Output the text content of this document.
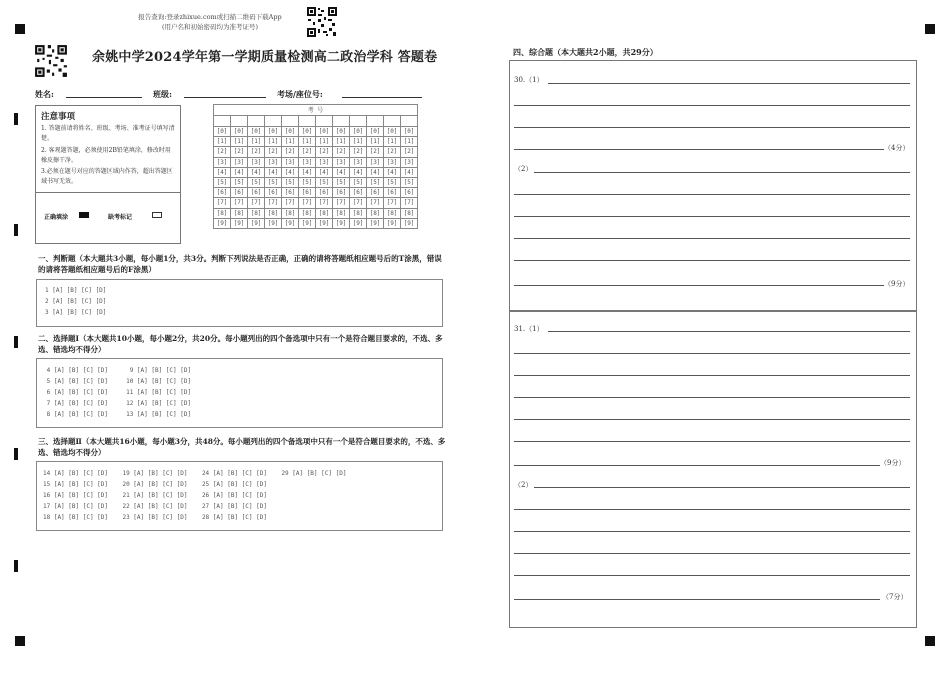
报告查询:登录zhixue.com或扫描二维码下载App
(用户名和初始密码均为准考证号)
余姚中学2024学年第一学期质量检测高二政治学科 答题卷
姓名:	班级:	考场/座位号:
注意事项
1. 答题前请将姓名、班级、考场、准考证号填写清楚。
2. 客观题答题，必须使用2B铅笔填涂，修改时用橡皮擦干净。
3.必须在题号对应的答题区域内作答，超出答题区域书写无效。
正确填涂	缺考标记
考 号											

[0]	[0]	[0]	[0]	[0]	[0]	[0]	[0]	[0]	[0]	[0]	[0]
[1]	[1]	[1]	[1]	[1]	[1]	[1]	[1]	[1]	[1]	[1]	[1]
[2]	[2]	[2]	[2]	[2]	[2]	[2]	[2]	[2]	[2]	[2]	[2]
[3]	[3]	[3]	[3]	[3]	[3]	[3]	[3]	[3]	[3]	[3]	[3]
[4]	[4]	[4]	[4]	[4]	[4]	[4]	[4]	[4]	[4]	[4]	[4]
[5]	[5]	[5]	[5]	[5]	[5]	[5]	[5]	[5]	[5]	[5]	[5]
[6]	[6]	[6]	[6]	[6]	[6]	[6]	[6]	[6]	[6]	[6]	[6]
[7]	[7]	[7]	[7]	[7]	[7]	[7]	[7]	[7]	[7]	[7]	[7]
[8]	[8]	[8]	[8]	[8]	[8]	[8]	[8]	[8]	[8]	[8]	[8]
[9]	[9]	[9]	[9]	[9]	[9]	[9]	[9]	[9]	[9]	[9]	[9]
一、判断题（本大题共3小题，每小题1分，共3分。判断下列说法是否正确，正确的请将答题纸相应题号后的T涂黑，错误的请将答题纸相应题号后的F涂黑）
1 [A] [B] [C] [D]
2 [A] [B] [C] [D]
3 [A] [B] [C] [D]
二、选择题Ⅰ（本大题共10小题，每小题2分，共20分。每小题列出的四个备选项中只有一个是符合题目要求的，不选、多选、错选均不得分）
4 [A] [B] [C] [D]      9 [A] [B] [C] [D]
5 [A] [B] [C] [D]     10 [A] [B] [C] [D]
6 [A] [B] [C] [D]     11 [A] [B] [C] [D]
7 [A] [B] [C] [D]     12 [A] [B] [C] [D]
8 [A] [B] [C] [D]     13 [A] [B] [C] [D]
三、选择题Ⅱ（本大题共16小题，每小题3分，共48分。每小题列出的四个备选项中只有一个是符合题目要求的，不选、多选、错选均不得分）
14 [A] [B] [C] [D]    19 [A] [B] [C] [D]    24 [A] [B] [C] [D]    29 [A] [B] [C] [D]
15 [A] [B] [C] [D]    20 [A] [B] [C] [D]    25 [A] [B] [C] [D]
16 [A] [B] [C] [D]    21 [A] [B] [C] [D]    26 [A] [B] [C] [D]
17 [A] [B] [C] [D]    22 [A] [B] [C] [D]    27 [A] [B] [C] [D]
18 [A] [B] [C] [D]    23 [A] [B] [C] [D]    28 [A] [B] [C] [D]
四、综合题（本大题共2小题，共29分）
30.（1）
（4分）
（2）
（9分）
31.（1）
（9分）
（2）
（7分）
